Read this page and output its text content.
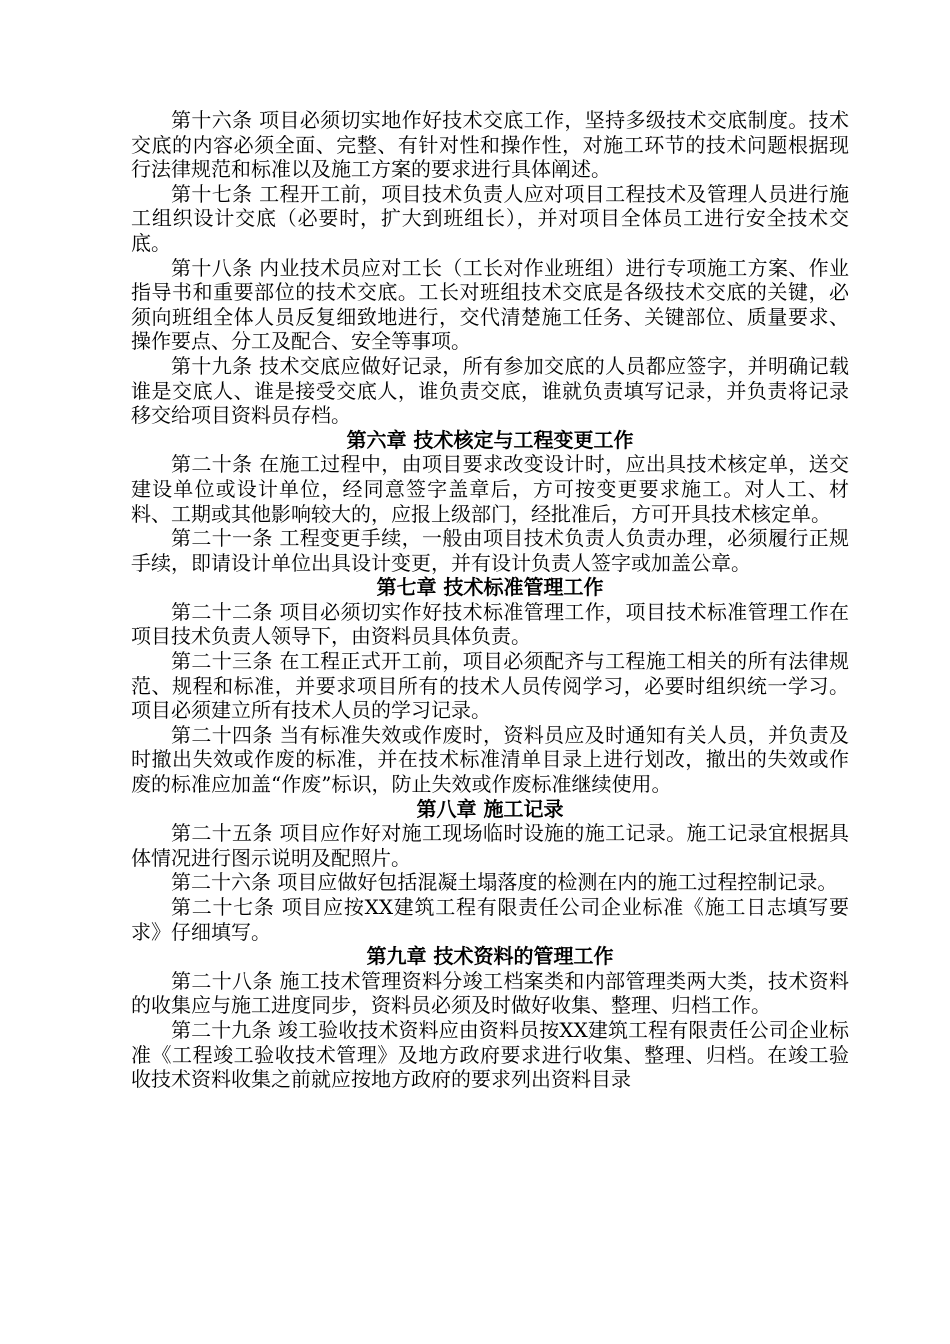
第十六条 项目必须切实地作好技术交底工作，坚持多级技术交底制度。技术交底的内容必须全面、完整、有针对性和操作性，对施工环节的技术问题根据现行法律规范和标准以及施工方案的要求进行具体阐述。

第十七条 工程开工前，项目技术负责人应对项目工程技术及管理人员进行施工组织设计交底（必要时，扩大到班组长），并对项目全体员工进行安全技术交底。

第十八条 内业技术员应对工长（工长对作业班组）进行专项施工方案、作业指导书和重要部位的技术交底。工长对班组技术交底是各级技术交底的关键，必须向班组全体人员反复细致地进行，交代清楚施工任务、关键部位、质量要求、操作要点、分工及配合、安全等事项。

第十九条 技术交底应做好记录，所有参加交底的人员都应签字，并明确记载谁是交底人、谁是接受交底人，谁负责交底，谁就负责填写记录，并负责将记录移交给项目资料员存档。

第六章 技术核定与工程变更工作

第二十条 在施工过程中，由项目要求改变设计时，应出具技术核定单，送交建设单位或设计单位，经同意签字盖章后，方可按变更要求施工。对人工、材料、工期或其他影响较大的，应报上级部门，经批准后，方可开具技术核定单。

第二十一条 工程变更手续，一般由项目技术负责人负责办理，必须履行正规手续，即请设计单位出具设计变更，并有设计负责人签字或加盖公章。

第七章 技术标准管理工作

第二十二条 项目必须切实作好技术标准管理工作，项目技术标准管理工作在项目技术负责人领导下，由资料员具体负责。

第二十三条 在工程正式开工前，项目必须配齐与工程施工相关的所有法律规范、规程和标准，并要求项目所有的技术人员传阅学习，必要时组织统一学习。项目必须建立所有技术人员的学习记录。

第二十四条 当有标准失效或作废时，资料员应及时通知有关人员，并负责及时撤出失效或作废的标准，并在技术标准清单目录上进行划改，撤出的失效或作废的标准应加盖“作废”标识，防止失效或作废标准继续使用。

第八章 施工记录

第二十五条 项目应作好对施工现场临时设施的施工记录。施工记录宜根据具体情况进行图示说明及配照片。

第二十六条 项目应做好包括混凝土塌落度的检测在内的施工过程控制记录。

第二十七条 项目应按XX建筑工程有限责任公司企业标准《施工日志填写要求》仔细填写。

第九章 技术资料的管理工作

第二十八条 施工技术管理资料分竣工档案类和内部管理类两大类，技术资料的收集应与施工进度同步，资料员必须及时做好收集、整理、归档工作。

第二十九条 竣工验收技术资料应由资料员按XX建筑工程有限责任公司企业标准《工程竣工验收技术管理》及地方政府要求进行收集、整理、归档。在竣工验收技术资料收集之前就应按地方政府的要求列出资料目录
